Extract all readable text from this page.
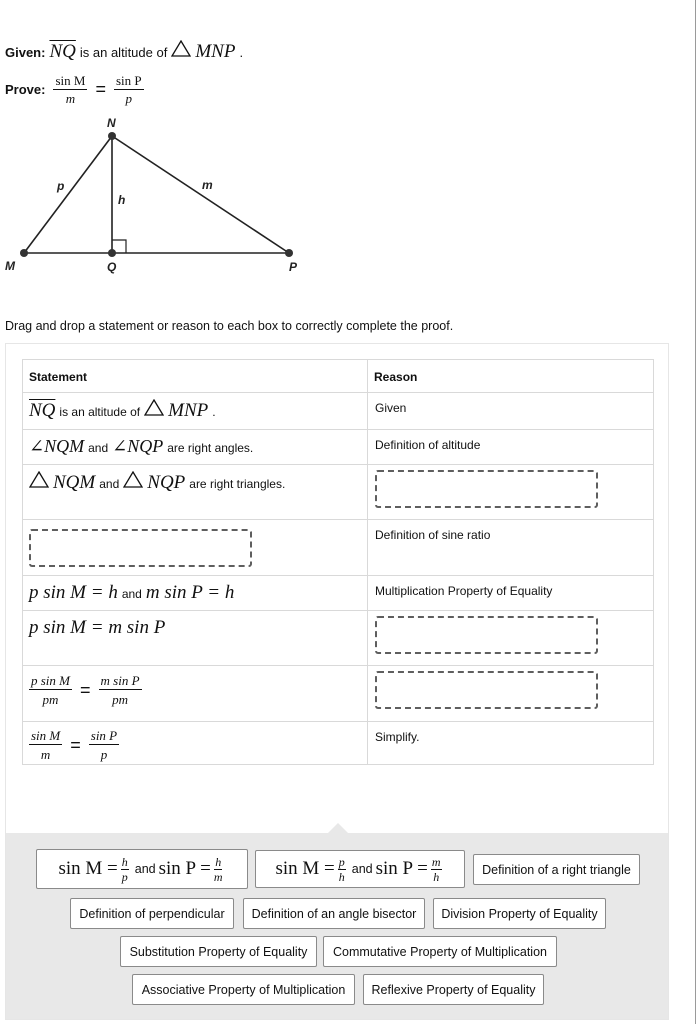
Given: $\overline{NQ}$ is an altitude of MNP .
Prove: $\frac{\text{sin M}}{m} = \frac{\text{sin P}}{p}$
N
M	Q	P
p	m
h
Drag and drop a statement or reason to each box to correctly complete the proof.
Statement	Reason

$\overline{NQ}$ is an altitude of MNP .	Given

∠NQM and ∠NQP are right angles.	Definition of altitude

NQM and NQP are right triangles.	

	Definition of sine ratio

p sin M = h and m sin P = h	Multiplication Property of Equality

p sin M = m sin P	

$\frac{\text{p sin M}}{pm} = \frac{\text{m sin P}}{pm}$

$\frac{\text{sin M}}{m} = \frac{\text{sin P}}{p}$	Simplify.
$\sin M = \frac{h}{p}$ and $\sin P = \frac{h}{m}$	$\sin M = \frac{p}{h}$ and $\sin P = \frac{m}{h}$	Definition of a right triangle
Definition of perpendicular	Definition of an angle bisector	Division Property of Equality
Substitution Property of Equality	Commutative Property of Multiplication
Associative Property of Multiplication	Reflexive Property of Equality
